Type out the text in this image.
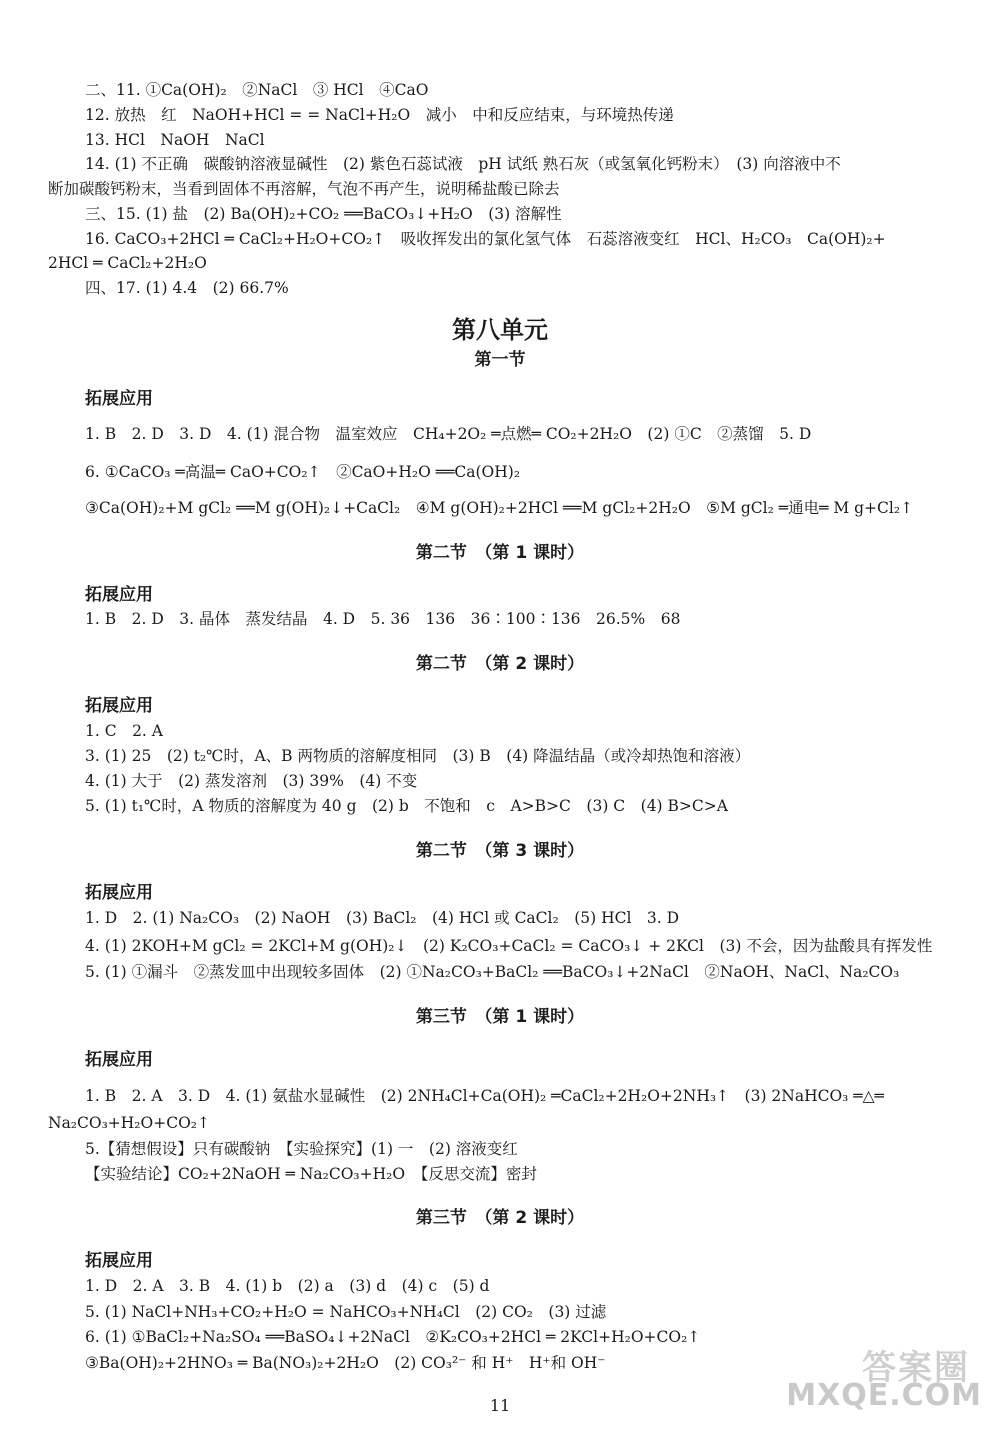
二、11. ①Ca(OH)₂　②NaCl　③ HCl　④CaO
12. 放热　红　NaOH+HCl = = NaCl+H₂O　减小　中和反应结束，与环境热传递
13. HCl　NaOH　NaCl
14. (1) 不正确　碳酸钠溶液显碱性　(2) 紫色石蕊试液　pH 试纸 熟石灰（或氢氧化钙粉末）　(3) 向溶液中不
断加碳酸钙粉末，当看到固体不再溶解，气泡不再产生，说明稀盐酸已除去
三、15. (1) 盐　(2) Ba(OH)₂+CO₂ ══BaCO₃↓+H₂O　(3) 溶解性
16. CaCO₃+2HCl ═ CaCl₂+H₂O+CO₂↑　吸收挥发出的氯化氢气体　石蕊溶液变红　HCl、H₂CO₃　Ca(OH)₂+
2HCl ═ CaCl₂+2H₂O
四、17. (1) 4.4　(2) 66.7%
第八单元
第一节
拓展应用
1. B　2. D　3. D　4. (1) 混合物　温室效应　CH₄+2O₂ ═点燃═ CO₂+2H₂O　(2) ①C　②蒸馏　5. D
6. ①CaCO₃ ═高温═ CaO+CO₂↑　②CaO+H₂O ══Ca(OH)₂
③Ca(OH)₂+M gCl₂ ══M g(OH)₂↓+CaCl₂　④M g(OH)₂+2HCl ══M gCl₂+2H₂O　⑤M gCl₂ ═通电═ M g+Cl₂↑
第二节　（第 1 课时）
拓展应用
1. B　2. D　3. 晶体　蒸发结晶　4. D　5. 36　136　36∶100∶136　26.5%　68
第二节　（第 2 课时）
拓展应用
1. C　2. A
3. (1) 25　(2) t₂℃时，A、B 两物质的溶解度相同　(3) B　(4) 降温结晶（或冷却热饱和溶液）
4. (1) 大于　(2) 蒸发溶剂　(3) 39%　(4) 不变
5. (1) t₁℃时，A 物质的溶解度为 40 g　(2) b　不饱和　c　A>B>C　(3) C　(4) B>C>A
第二节　（第 3 课时）
拓展应用
1. D　2. (1) Na₂CO₃　(2) NaOH　(3) BaCl₂　(4) HCl 或 CaCl₂　(5) HCl　3. D
4. (1) 2KOH+M gCl₂ = 2KCl+M g(OH)₂↓　(2) K₂CO₃+CaCl₂ = CaCO₃↓ + 2KCl　(3) 不会，因为盐酸具有挥发性
5. (1) ①漏斗　②蒸发皿中出现较多固体　(2) ①Na₂CO₃+BaCl₂ ══BaCO₃↓+2NaCl　②NaOH、NaCl、Na₂CO₃
第三节　（第 1 课时）
拓展应用
1. B　2. A　3. D　4. (1) 氨盐水显碱性　(2) 2NH₄Cl+Ca(OH)₂ ═CaCl₂+2H₂O+2NH₃↑　(3) 2NaHCO₃ ═△═
Na₂CO₃+H₂O+CO₂↑
5.【猜想假设】只有碳酸钠　【实验探究】(1) 一　(2) 溶液变红
【实验结论】CO₂+2NaOH ═ Na₂CO₃+H₂O　【反思交流】密封
第三节　（第 2 课时）
拓展应用
1. D　2. A　3. B　4. (1) b　(2) a　(3) d　(4) c　(5) d
5. (1) NaCl+NH₃+CO₂+H₂O = NaHCO₃+NH₄Cl　(2) CO₂　(3) 过滤
6. (1) ①BaCl₂+Na₂SO₄ ══BaSO₄↓+2NaCl　②K₂CO₃+2HCl ═ 2KCl+H₂O+CO₂↑
③Ba(OH)₂+2HNO₃ ═ Ba(NO₃)₂+2H₂O　(2) CO₃²⁻ 和 H⁺　H⁺和 OH⁻
11
答案圈
MXQE.COM
